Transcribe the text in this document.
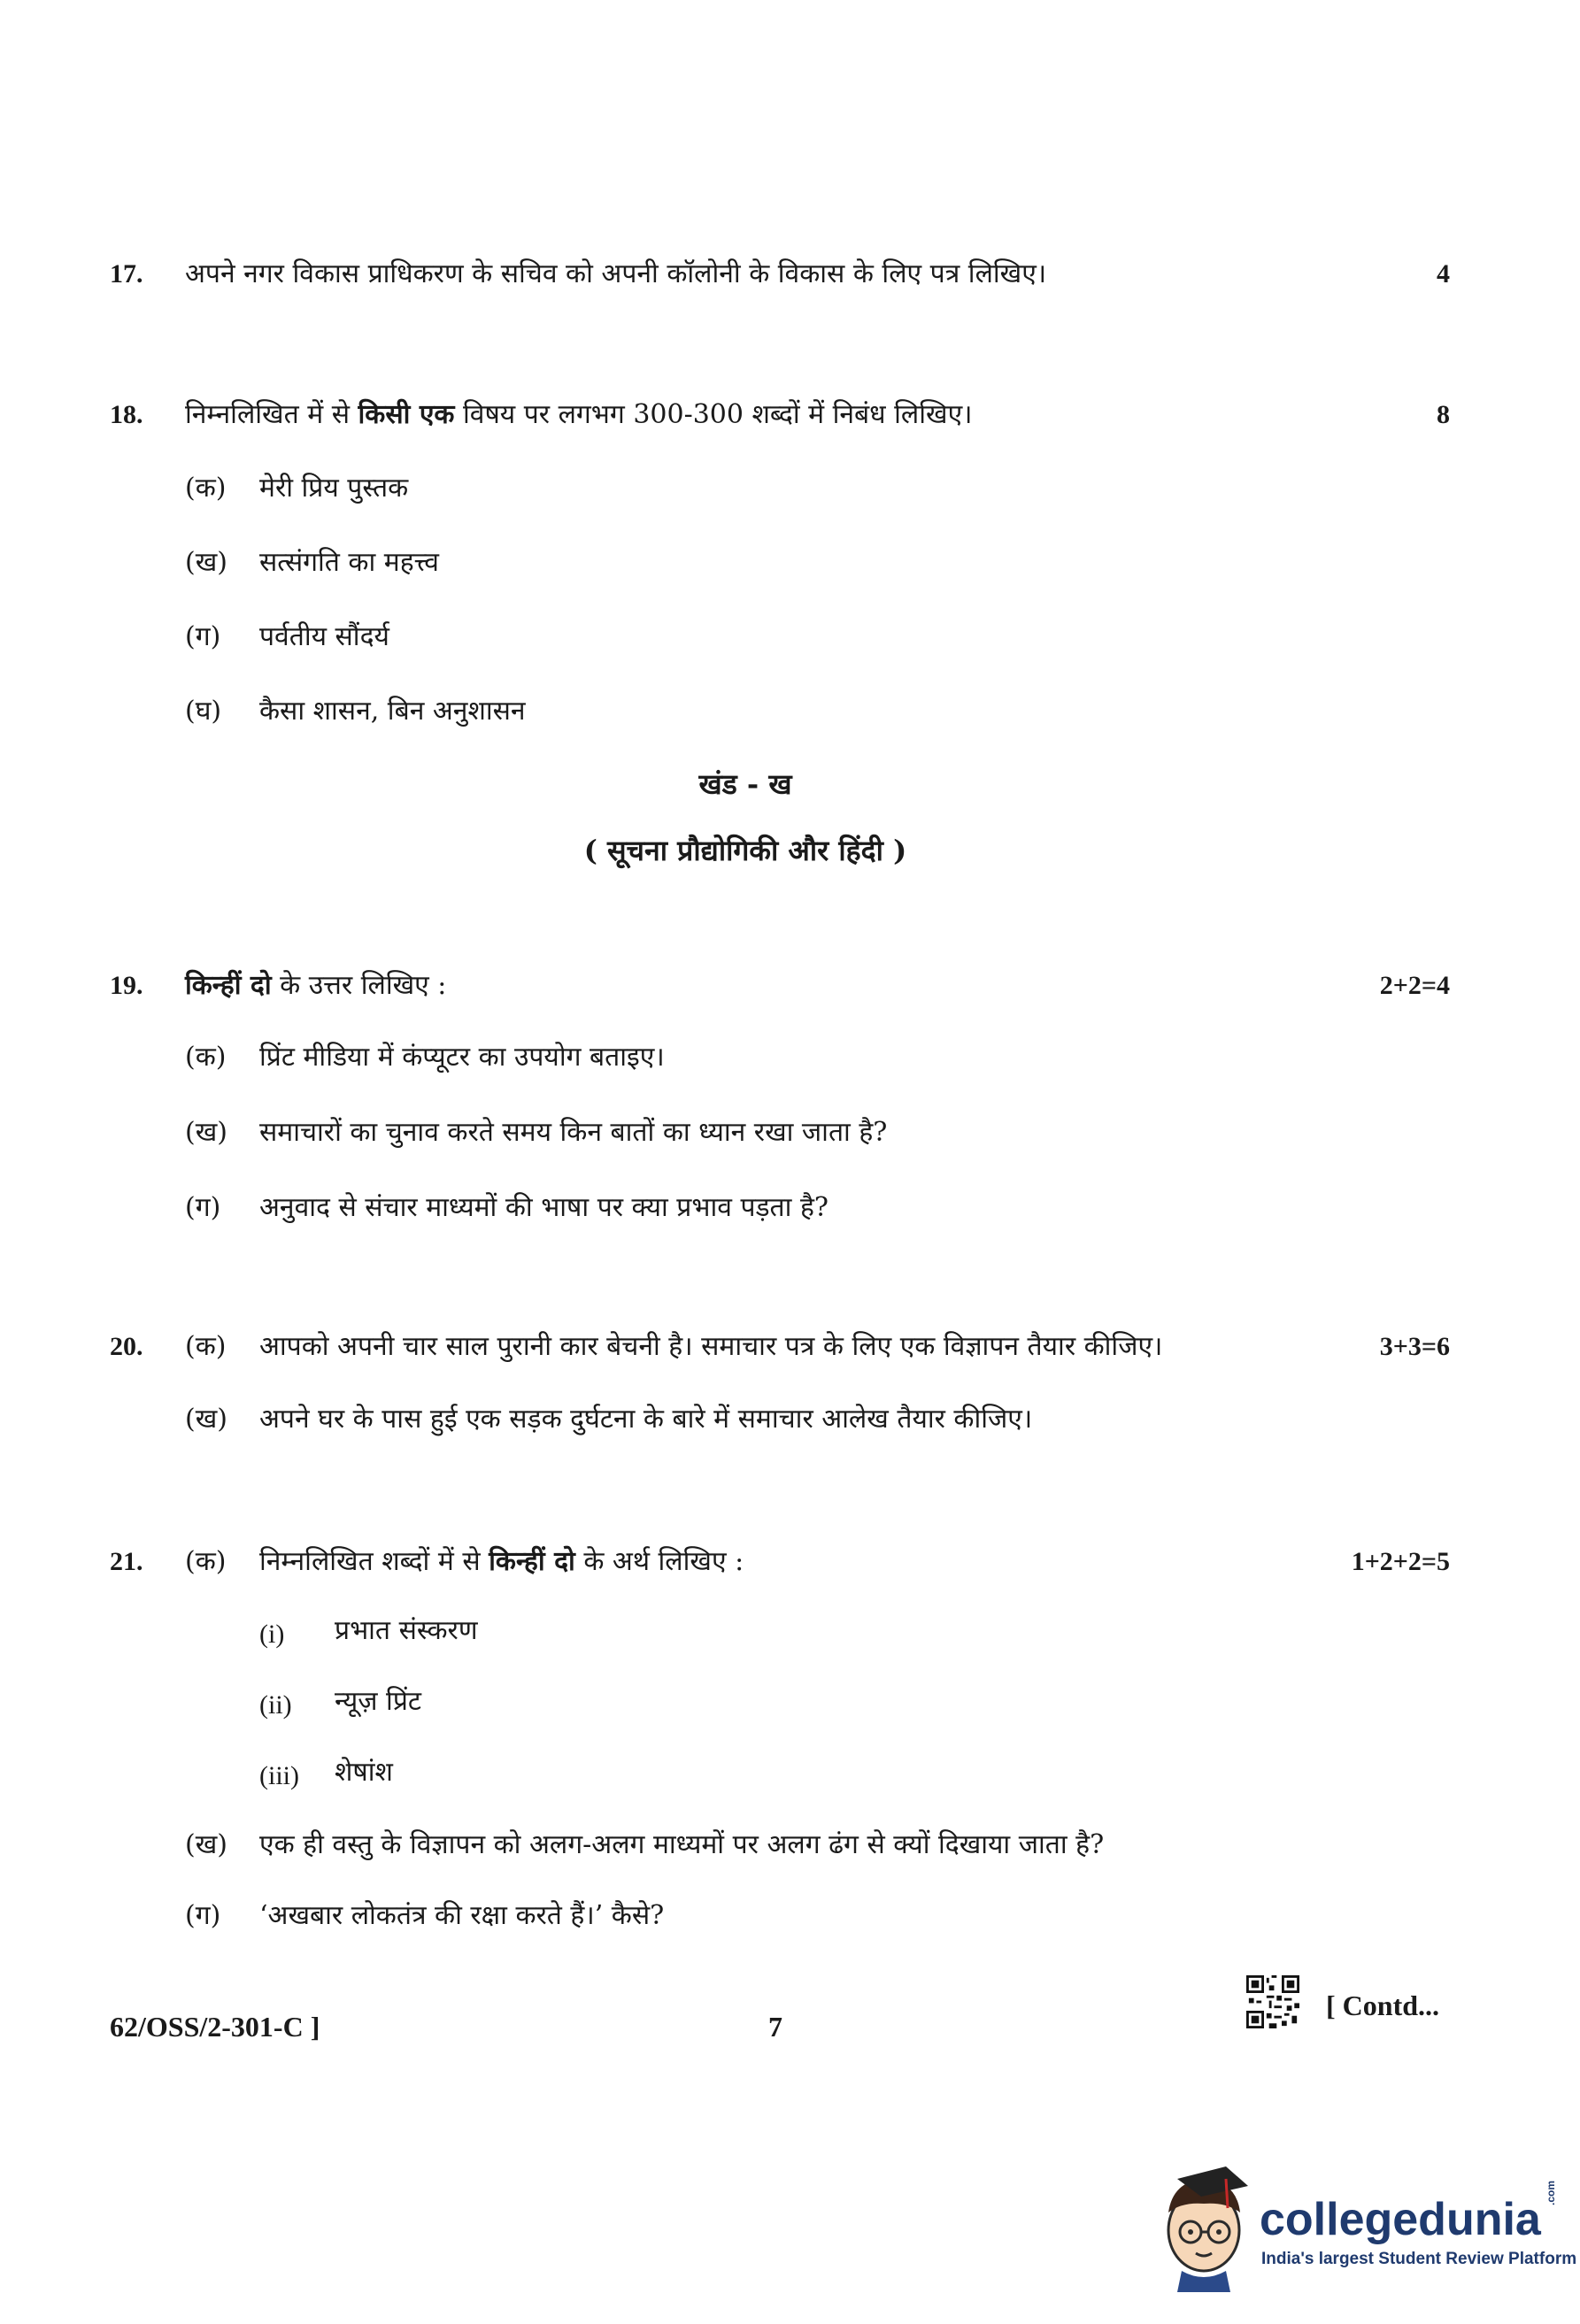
17. अपने नगर विकास प्राधिकरण के सचिव को अपनी कॉलोनी के विकास के लिए पत्र लिखिए।	4
18. निम्नलिखित में से किसी एक विषय पर लगभग 300-300 शब्दों में निबंध लिखिए।	8
(क) मेरी प्रिय पुस्तक
(ख) सत्संगति का महत्त्व
(ग) पर्वतीय सौंदर्य
(घ) कैसा शासन, बिन अनुशासन
खंड - ख
( सूचना प्रौद्योगिकी और हिंदी )
19. किन्हीं दो के उत्तर लिखिए :	2+2=4
(क) प्रिंट मीडिया में कंप्यूटर का उपयोग बताइए।
(ख) समाचारों का चुनाव करते समय किन बातों का ध्यान रखा जाता है?
(ग) अनुवाद से संचार माध्यमों की भाषा पर क्या प्रभाव पड़ता है?
20. (क) आपको अपनी चार साल पुरानी कार बेचनी है। समाचार पत्र के लिए एक विज्ञापन तैयार कीजिए।	3+3=6
(ख) अपने घर के पास हुई एक सड़क दुर्घटना के बारे में समाचार आलेख तैयार कीजिए।
21. (क) निम्नलिखित शब्दों में से किन्हीं दो के अर्थ लिखिए :	1+2+2=5
(i) प्रभात संस्करण
(ii) न्यूज़ प्रिंट
(iii) शेषांश
(ख) एक ही वस्तु के विज्ञापन को अलग-अलग माध्यमों पर अलग ढंग से क्यों दिखाया जाता है?
(ग) ‘अखबार लोकतंत्र की रक्षा करते हैं।’ कैसे?
62/OSS/2-301-C ]	7
[ Contd...
collegedunia
.com
India's largest Student Review Platform
